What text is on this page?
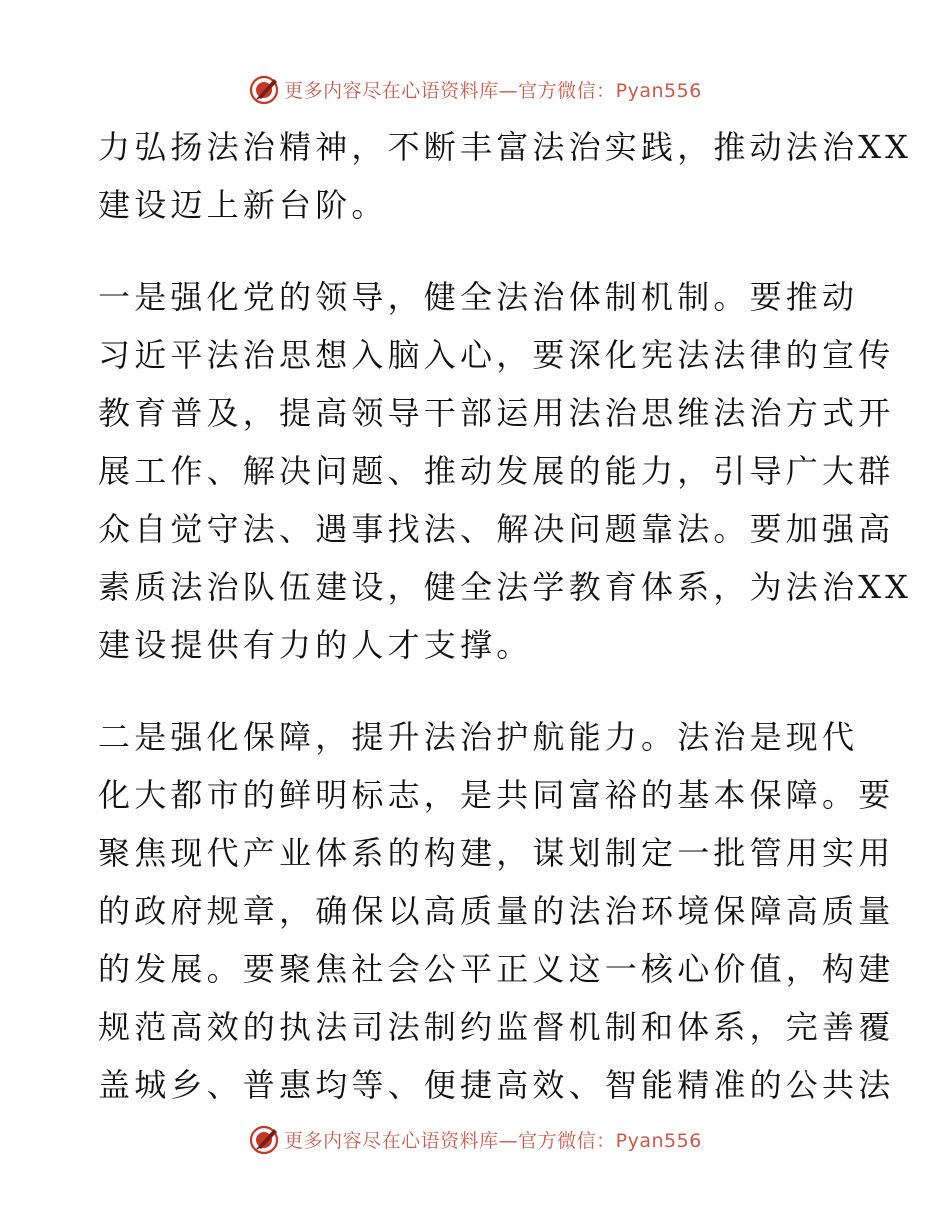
更多内容尽在心语资料库—官方微信：Pyan556
力弘扬法治精神，不断丰富法治实践，推动法治XX
建设迈上新台阶。
一是强化党的领导，健全法治体制机制。要推动
习近平法治思想入脑入心，要深化宪法法律的宣传
教育普及，提高领导干部运用法治思维法治方式开
展工作、解决问题、推动发展的能力，引导广大群
众自觉守法、遇事找法、解决问题靠法。要加强高
素质法治队伍建设，健全法学教育体系，为法治XX
建设提供有力的人才支撑。
二是强化保障，提升法治护航能力。法治是现代
化大都市的鲜明标志，是共同富裕的基本保障。要
聚焦现代产业体系的构建，谋划制定一批管用实用
的政府规章，确保以高质量的法治环境保障高质量
的发展。要聚焦社会公平正义这一核心价值，构建
规范高效的执法司法制约监督机制和体系，完善覆
盖城乡、普惠均等、便捷高效、智能精准的公共法
更多内容尽在心语资料库—官方微信：Pyan556
